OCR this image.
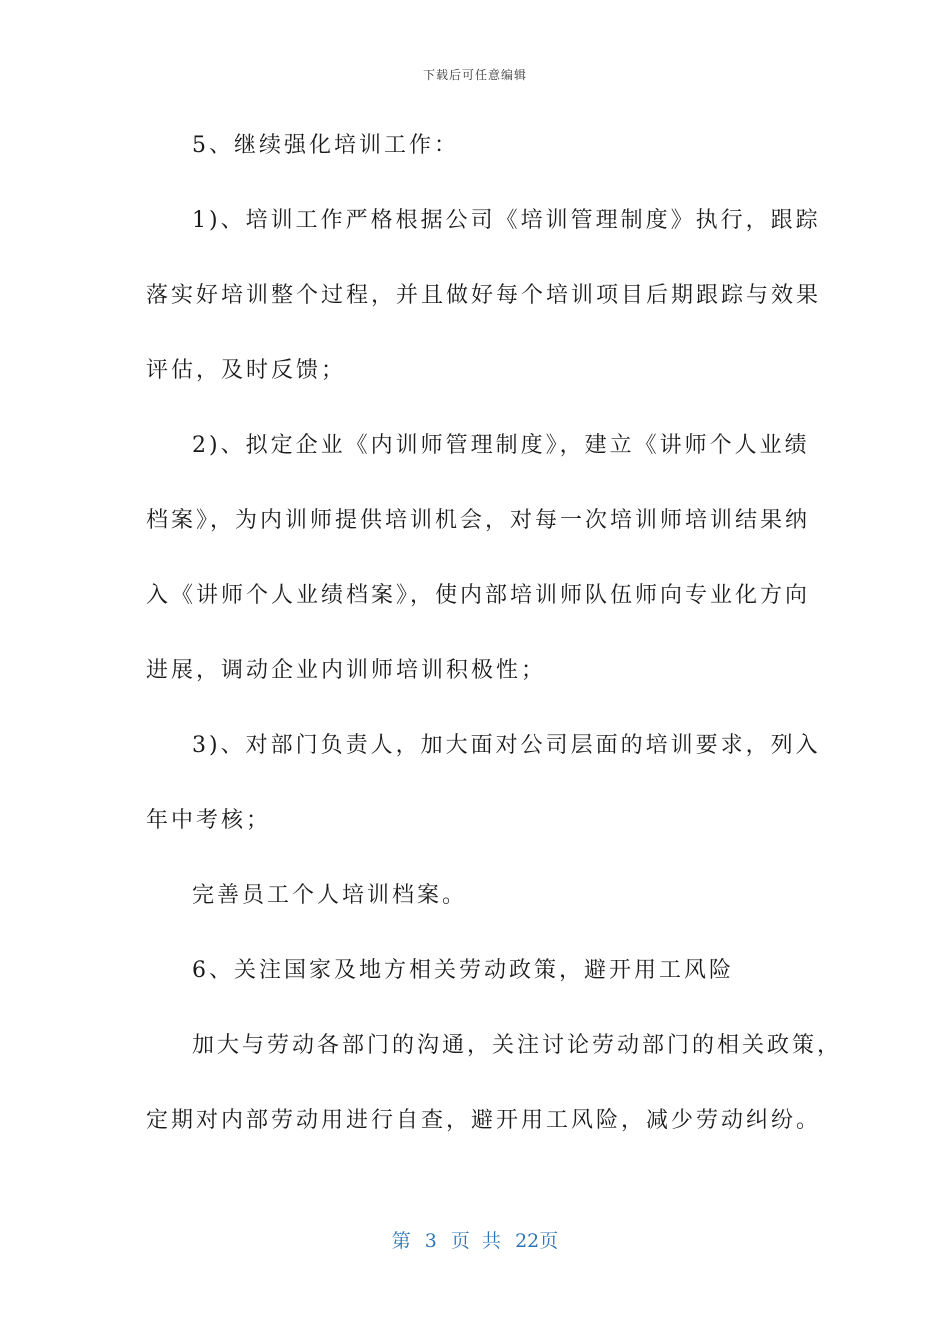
下载后可任意编辑
5、继续强化培训工作：
1)、培训工作严格根据公司《培训管理制度》执行，跟踪
落实好培训整个过程，并且做好每个培训项目后期跟踪与效果
评估，及时反馈；
2)、拟定企业《内训师管理制度》，建立《讲师个人业绩
档案》，为内训师提供培训机会，对每一次培训师培训结果纳
入《讲师个人业绩档案》，使内部培训师队伍师向专业化方向
进展，调动企业内训师培训积极性；
3)、对部门负责人，加大面对公司层面的培训要求，列入
年中考核；
完善员工个人培训档案。
6、关注国家及地方相关劳动政策，避开用工风险
加大与劳动各部门的沟通，关注讨论劳动部门的相关政策，
定期对内部劳动用进行自查，避开用工风险，减少劳动纠纷。
第 3 页  共 22页
